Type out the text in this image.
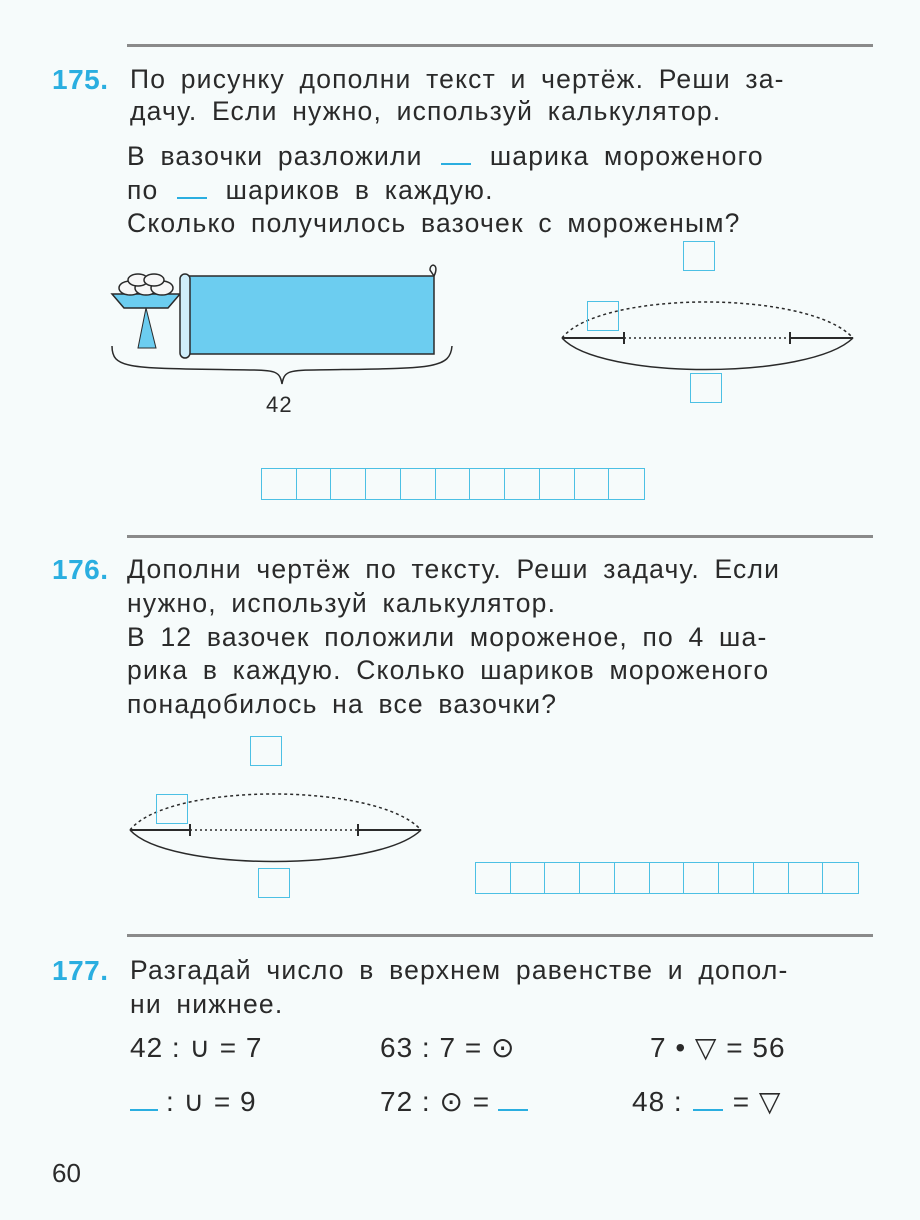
175. По рисунку дополни текст и чертёж. Реши за-
дачу. Если нужно, используй калькулятор.
В вазочки разложили	шарика мороженого
по	шариков в каждую.
Сколько получилось вазочек с мороженым?
42
176. Дополни чертёж по тексту. Реши задачу. Если
нужно, используй калькулятор.
В 12 вазочек положили мороженое, по 4 ша-
рика в каждую. Сколько шариков мороженого
понадобилось на все вазочки?
177. Разгадай число в верхнем равенстве и допол-
ни нижнее.
42 : ∪ = 7	63 : 7 = ⊙	7 • ▽ = 56
: ∪ = 9	72 : ⊙ =	48 : = ▽
60
